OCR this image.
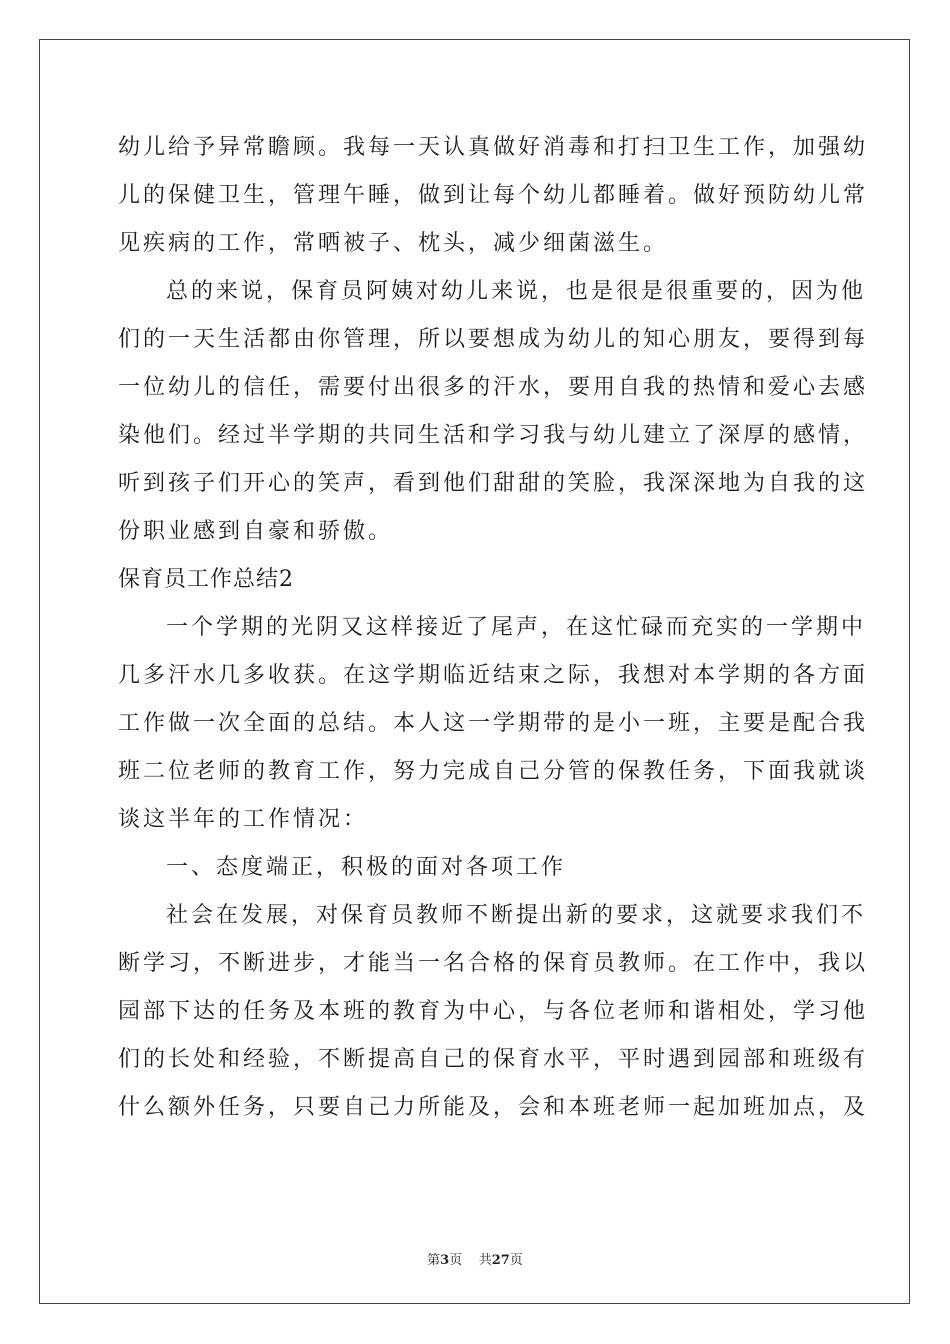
幼儿给予异常瞻顾。我每一天认真做好消毒和打扫卫生工作，加强幼
儿的保健卫生，管理午睡，做到让每个幼儿都睡着。做好预防幼儿常
见疾病的工作，常晒被子、枕头，减少细菌滋生。
总的来说，保育员阿姨对幼儿来说，也是很是很重要的，因为他
们的一天生活都由你管理，所以要想成为幼儿的知心朋友，要得到每
一位幼儿的信任，需要付出很多的汗水，要用自我的热情和爱心去感
染他们。经过半学期的共同生活和学习我与幼儿建立了深厚的感情，
听到孩子们开心的笑声，看到他们甜甜的笑脸，我深深地为自我的这
份职业感到自豪和骄傲。
保育员工作总结2
一个学期的光阴又这样接近了尾声，在这忙碌而充实的一学期中
几多汗水几多收获。在这学期临近结束之际，我想对本学期的各方面
工作做一次全面的总结。本人这一学期带的是小一班，主要是配合我
班二位老师的教育工作，努力完成自己分管的保教任务，下面我就谈
谈这半年的工作情况：
一、态度端正，积极的面对各项工作
社会在发展，对保育员教师不断提出新的要求，这就要求我们不
断学习，不断进步，才能当一名合格的保育员教师。在工作中，我以
园部下达的任务及本班的教育为中心，与各位老师和谐相处，学习他
们的长处和经验，不断提高自己的保育水平，平时遇到园部和班级有
什么额外任务，只要自己力所能及，会和本班老师一起加班加点，及
第3页    共27页
